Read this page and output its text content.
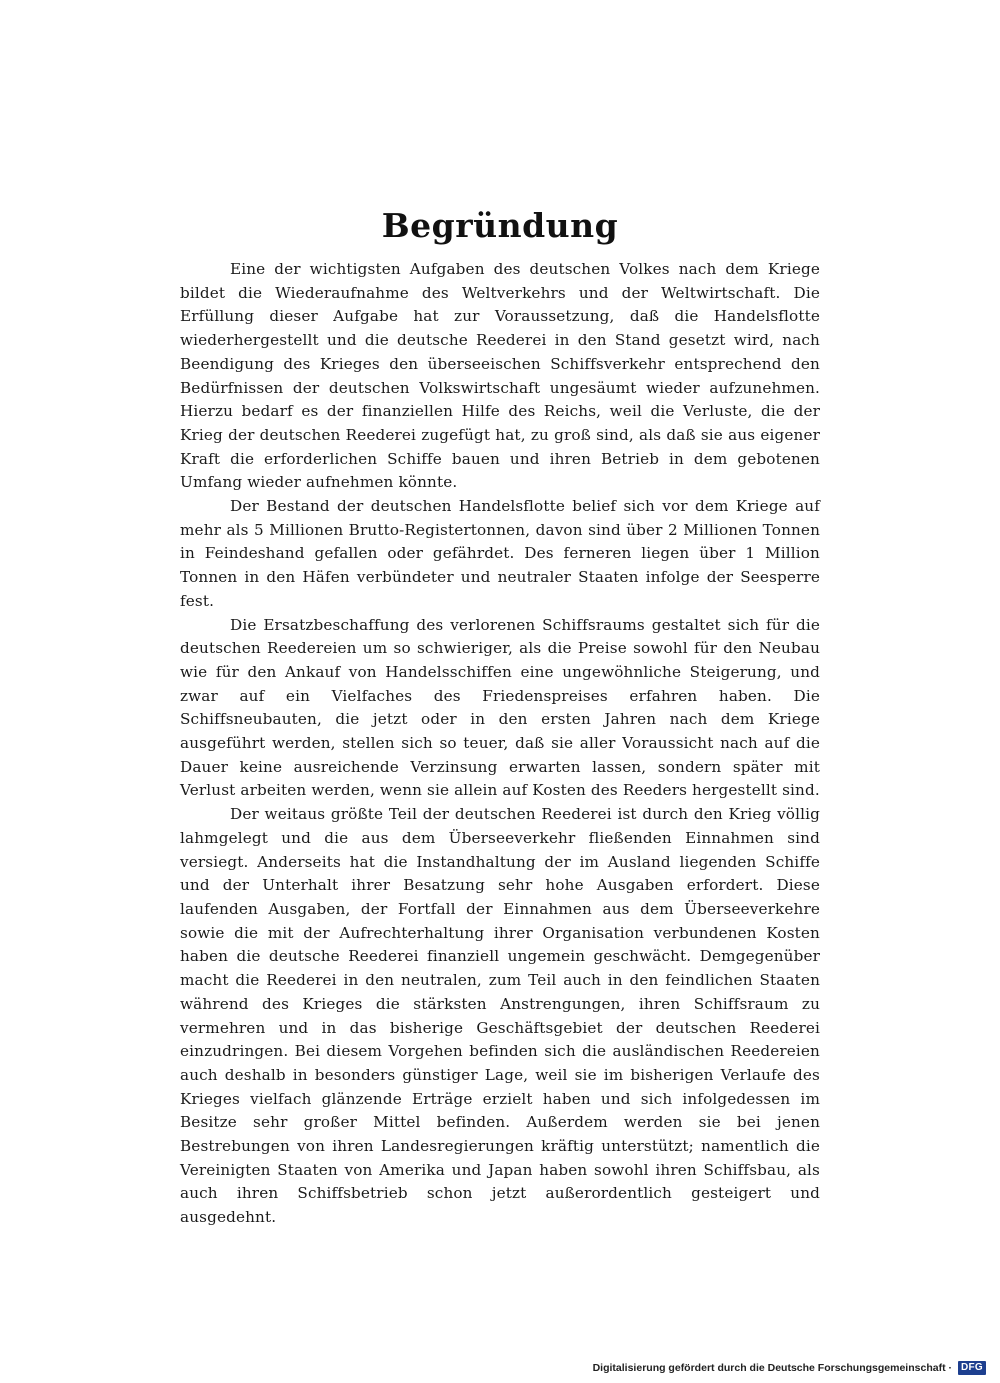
Begründung

Eine der wichtigsten Aufgaben des deutschen Volkes nach dem Kriege bildet die Wiederaufnahme des Weltverkehrs und der Weltwirtschaft. Die Erfüllung dieser Aufgabe hat zur Voraussetzung, daß die Handelsflotte wiederhergestellt und die deutsche Reederei in den Stand gesetzt wird, nach Beendigung des Krieges den überseeischen Schiffsverkehr entsprechend den Bedürfnissen der deutschen Volkswirtschaft ungesäumt wieder aufzunehmen. Hierzu bedarf es der finanziellen Hilfe des Reichs, weil die Verluste, die der Krieg der deutschen Reederei zugefügt hat, zu groß sind, als daß sie aus eigener Kraft die erforderlichen Schiffe bauen und ihren Betrieb in dem gebotenen Umfang wieder aufnehmen könnte.

Der Bestand der deutschen Handelsflotte belief sich vor dem Kriege auf mehr als 5 Millionen Brutto-Registertonnen, davon sind über 2 Millionen Tonnen in Feindeshand gefallen oder gefährdet. Des ferneren liegen über 1 Million Tonnen in den Häfen verbündeter und neutraler Staaten infolge der Seesperre fest.

Die Ersatzbeschaffung des verlorenen Schiffsraums gestaltet sich für die deutschen Reedereien um so schwieriger, als die Preise sowohl für den Neubau wie für den Ankauf von Handelsschiffen eine ungewöhnliche Steigerung, und zwar auf ein Vielfaches des Friedenspreises erfahren haben. Die Schiffsneubauten, die jetzt oder in den ersten Jahren nach dem Kriege ausgeführt werden, stellen sich so teuer, daß sie aller Voraussicht nach auf die Dauer keine ausreichende Verzinsung erwarten lassen, sondern später mit Verlust arbeiten werden, wenn sie allein auf Kosten des Reeders hergestellt sind.

Der weitaus größte Teil der deutschen Reederei ist durch den Krieg völlig lahmgelegt und die aus dem Überseeverkehr fließenden Einnahmen sind versiegt. Anderseits hat die Instandhaltung der im Ausland liegenden Schiffe und der Unterhalt ihrer Besatzung sehr hohe Ausgaben erfordert. Diese laufenden Ausgaben, der Fortfall der Einnahmen aus dem Überseeverkehre sowie die mit der Aufrechterhaltung ihrer Organisation verbundenen Kosten haben die deutsche Reederei finanziell ungemein geschwächt. Demgegenüber macht die Reederei in den neutralen, zum Teil auch in den feindlichen Staaten während des Krieges die stärksten Anstrengungen, ihren Schiffsraum zu vermehren und in das bisherige Geschäftsgebiet der deutschen Reederei einzudringen. Bei diesem Vorgehen befinden sich die ausländischen Reedereien auch deshalb in besonders günstiger Lage, weil sie im bisherigen Verlaufe des Krieges vielfach glänzende Erträge erzielt haben und sich infolgedessen im Besitze sehr großer Mittel befinden. Außerdem werden sie bei jenen Bestrebungen von ihren Landesregierungen kräftig unterstützt; namentlich die Vereinigten Staaten von Amerika und Japan haben sowohl ihren Schiffsbau, als auch ihren Schiffsbetrieb schon jetzt außerordentlich gesteigert und ausgedehnt.

Digitalisierung gefördert durch die Deutsche Forschungsgemeinschaft · DFG
